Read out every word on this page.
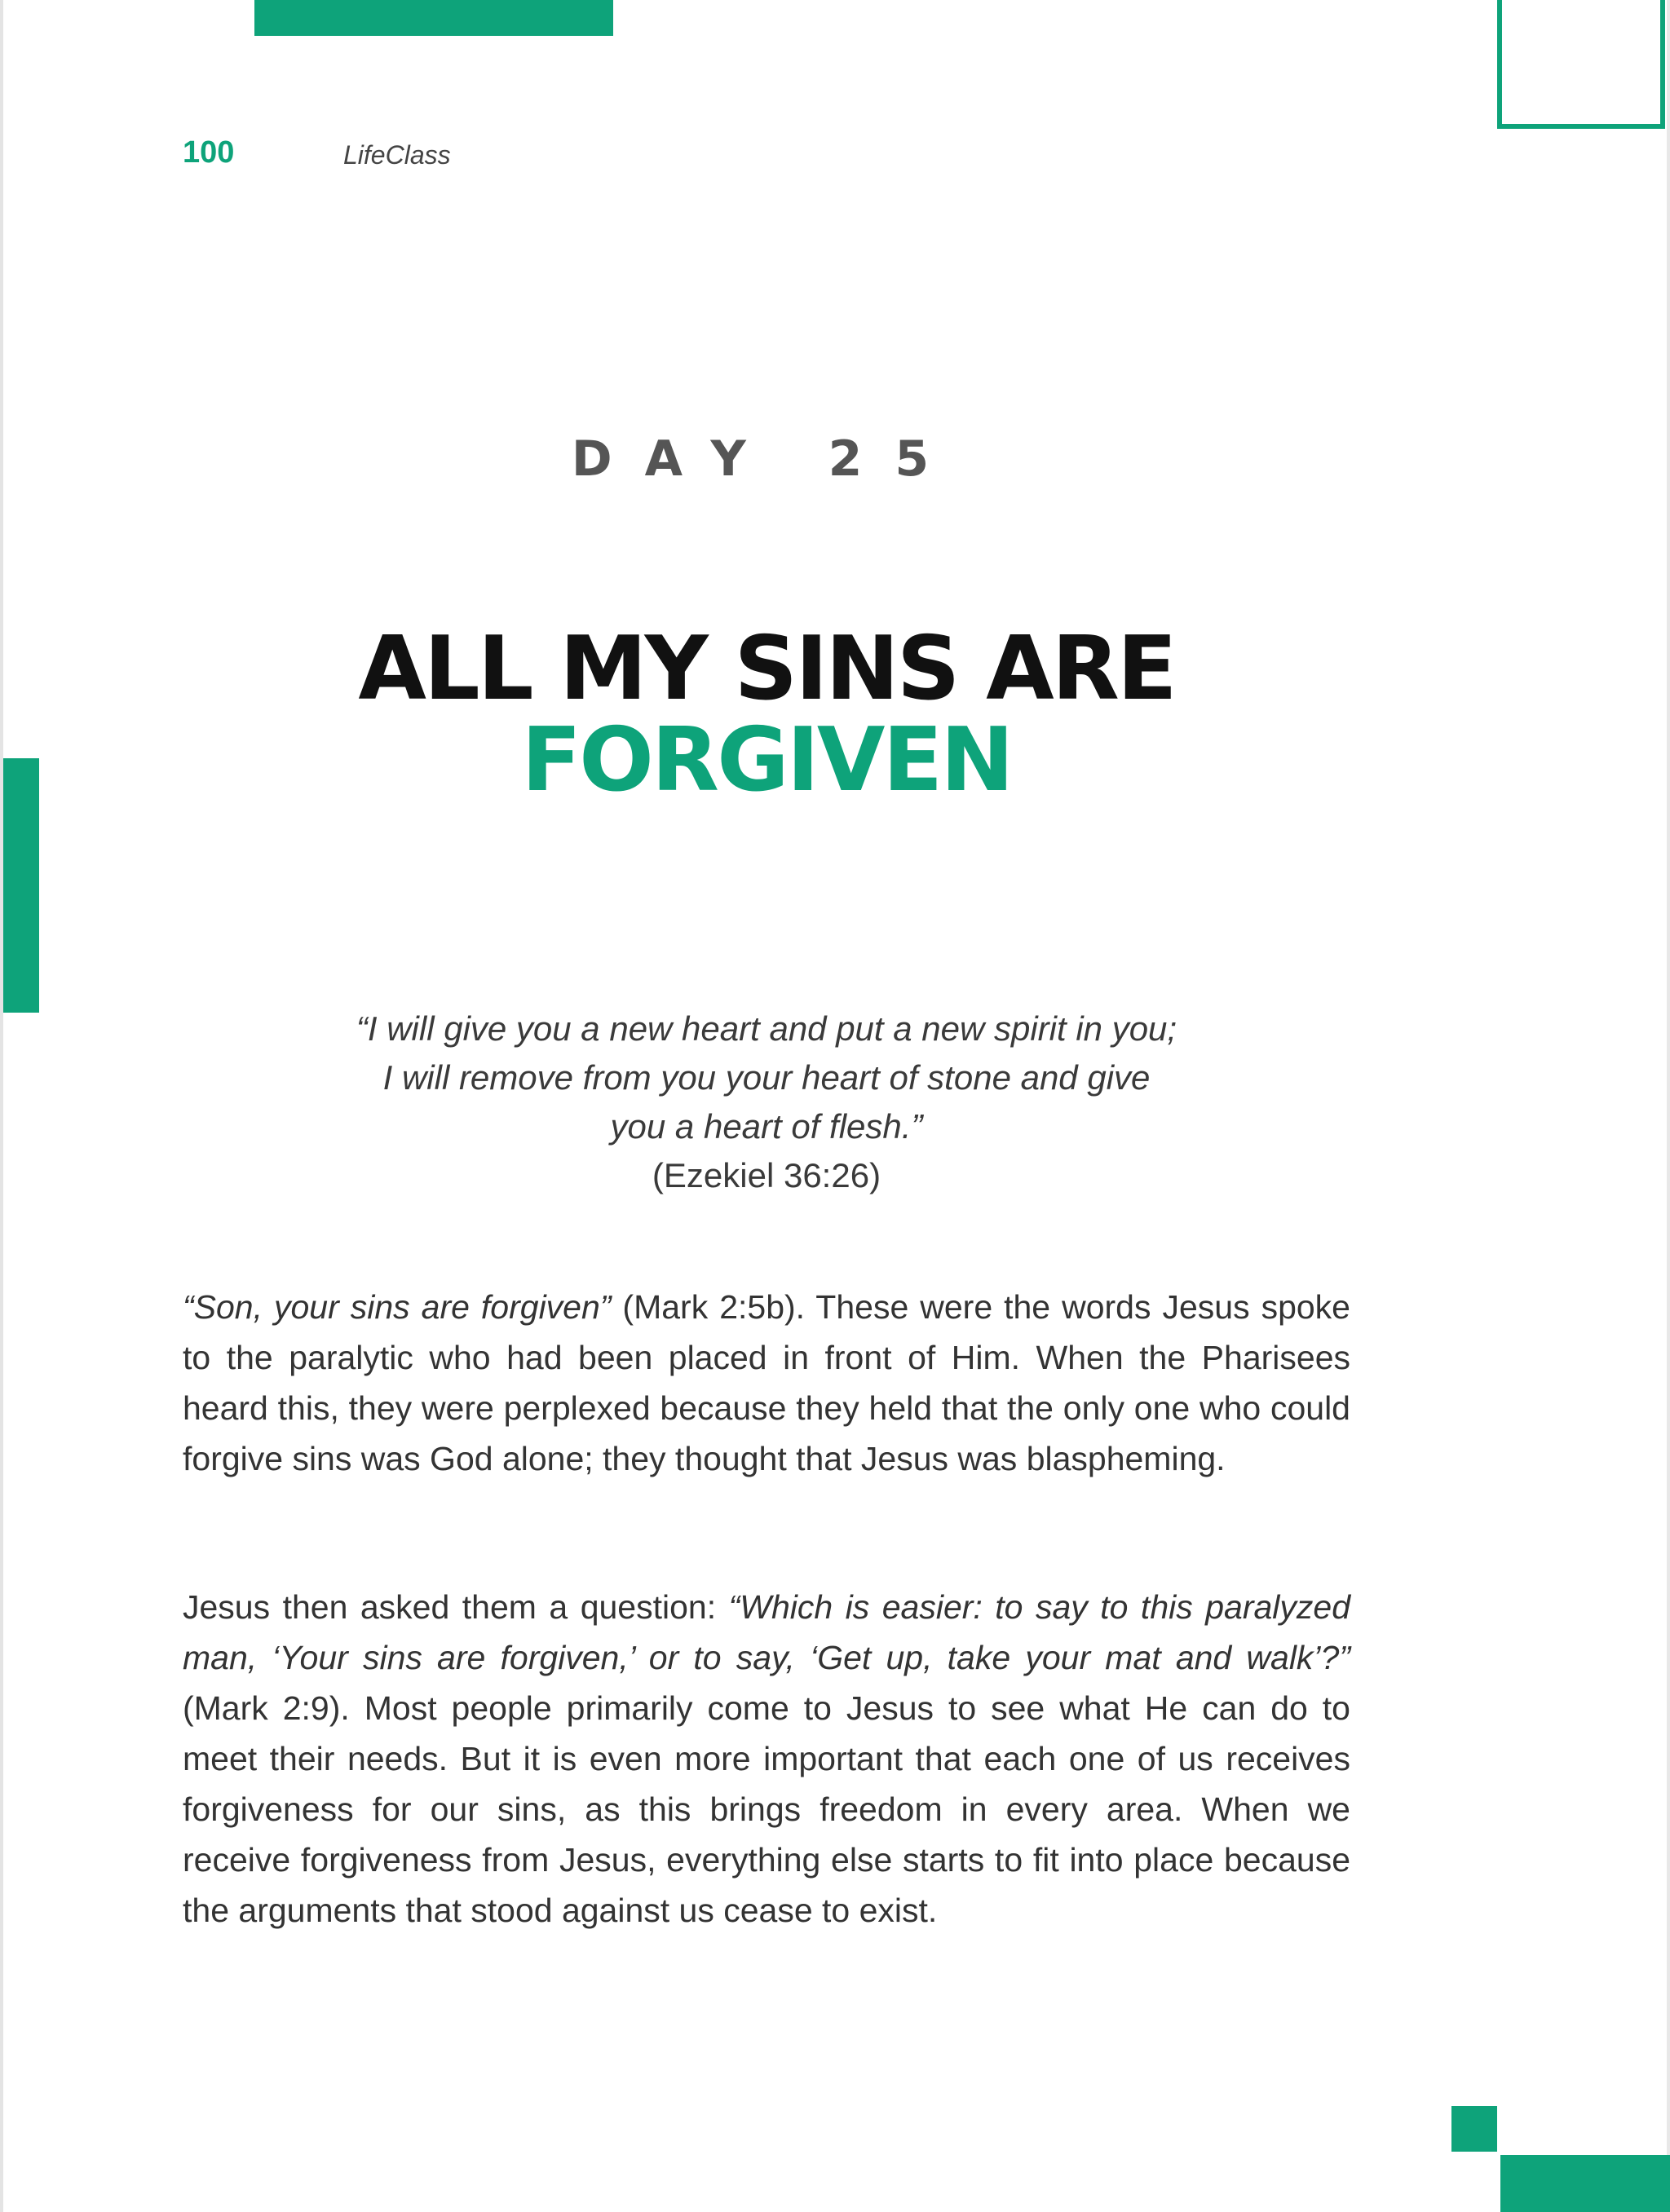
100	LifeClass
DAY 25
ALL MY SINS ARE
FORGIVEN
“I will give you a new heart and put a new spirit in you;
I will remove from you your heart of stone and give
you a heart of flesh.”
(Ezekiel 36:26)

“Son, your sins are forgiven” (Mark 2:5b). These were the words Jesus spoke to the paralytic who had been placed in front of Him. When the Pharisees heard this, they were perplexed because they held that the only one who could forgive sins was God alone; they thought that Jesus was blaspheming.

Jesus then asked them a question: “Which is easier: to say to this paralyzed man, ‘Your sins are forgiven,’ or to say, ‘Get up, take your mat and walk’?” (Mark 2:9). Most people primarily come to Jesus to see what He can do to meet their needs. But it is even more important that each one of us receives forgiveness for our sins, as this brings freedom in every area. When we receive forgiveness from Jesus, everything else starts to fit into place because the arguments that stood against us cease to exist.
